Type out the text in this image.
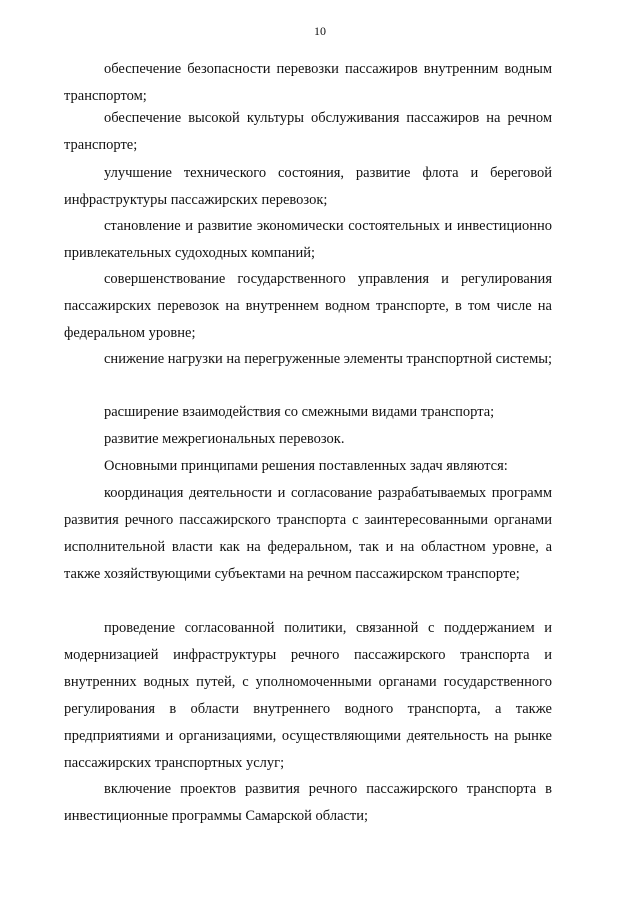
10

обеспечение безопасности перевозки пассажиров внутренним водным транспортом;

обеспечение высокой культуры обслуживания пассажиров на речном транспорте;

улучшение технического состояния, развитие флота и береговой инфраструктуры пассажирских перевозок;

становление и развитие экономически состоятельных и инвестиционно привлекательных судоходных компаний;

совершенствование государственного управления и регулирования пассажирских перевозок на внутреннем водном транспорте, в том числе на федеральном уровне;

снижение нагрузки на перегруженные элементы транспортной системы;

расширение взаимодействия со смежными видами транспорта;

развитие межрегиональных перевозок.

Основными принципами решения поставленных задач являются:

координация деятельности и согласование разрабатываемых программ развития речного пассажирского транспорта с заинтересованными органами исполнительной власти как на федеральном, так и на областном уровне, а также хозяйствующими субъектами на речном пассажирском транспорте;

проведение согласованной политики, связанной с поддержанием и модернизацией инфраструктуры речного пассажирского транспорта и внутренних водных путей, с уполномоченными органами государственного регулирования в области внутреннего водного транспорта, а также предприятиями и организациями, осуществляющими деятельность на рынке пассажирских транспортных услуг;

включение проектов развития речного пассажирского транспорта в инвестиционные программы Самарской области;
